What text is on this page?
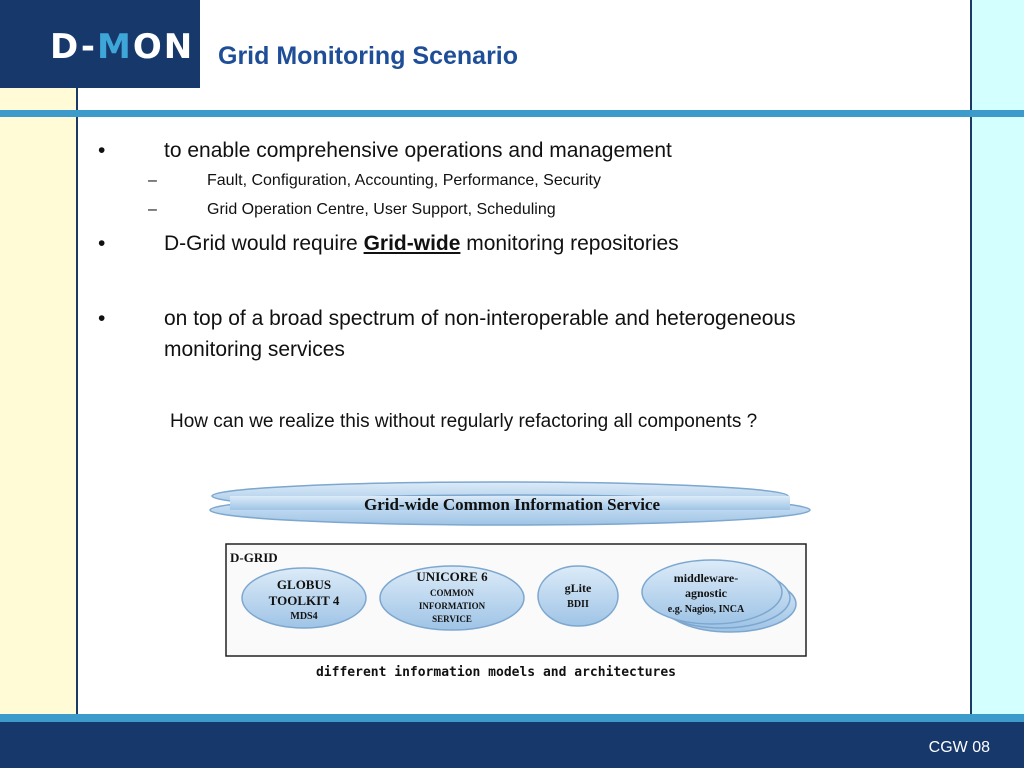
D-MON Grid Monitoring Scenario
•	to enable comprehensive operations and management
–	Fault, Configuration, Accounting, Performance, Security
–	Grid Operation Centre, User Support, Scheduling
•	D-Grid would require Grid-wide monitoring repositories
•	on top of a broad spectrum of non-interoperable and heterogeneous
monitoring services
How can we realize this without regularly refactoring all components ?
Grid-wide Common Information Service
D-GRID
GLOBUS
TOOLKIT 4
MDS4
UNICORE 6
COMMON
INFORMATION
SERVICE
gLite
BDII
middleware-
agnostic
e.g. Nagios, INCA
different information models and architectures
CGW 08
